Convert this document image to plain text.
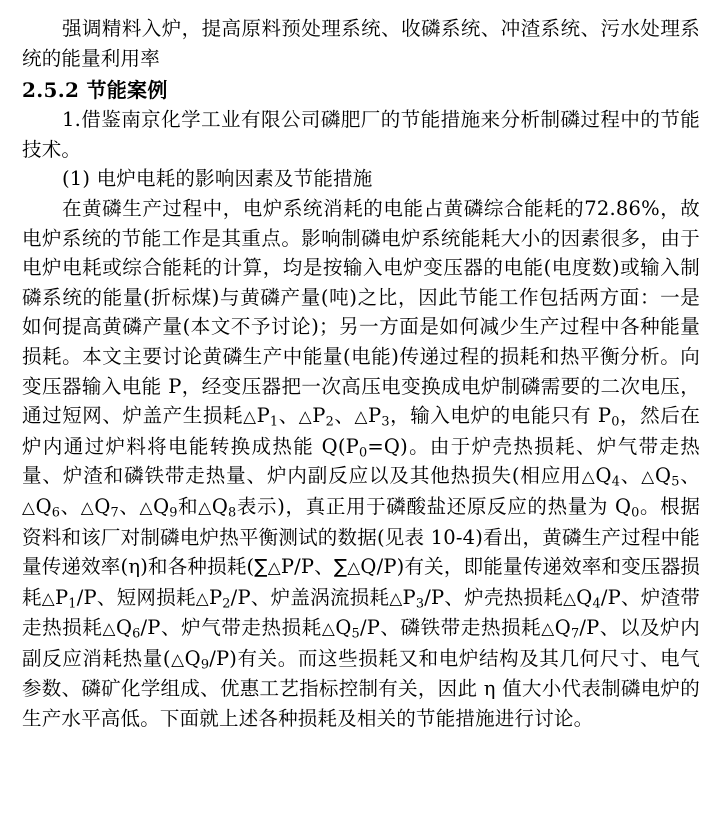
强调精料入炉，提高原料预处理系统、收磷系统、冲渣系统、污水处理系统的能量利用率

2.5.2 节能案例

1.借鉴南京化学工业有限公司磷肥厂的节能措施来分析制磷过程中的节能技术。

(1) 电炉电耗的影响因素及节能措施

在黄磷生产过程中，电炉系统消耗的电能占黄磷综合能耗的72.86%，故电炉系统的节能工作是其重点。影响制磷电炉系统能耗大小的因素很多，由于电炉电耗或综合能耗的计算，均是按输入电炉变压器的电能(电度数)或输入制磷系统的能量(折标煤)与黄磷产量(吨)之比，因此节能工作包括两方面：一是如何提高黄磷产量(本文不予讨论)；另一方面是如何减少生产过程中各种能量损耗。本文主要讨论黄磷生产中能量(电能)传递过程的损耗和热平衡分析。向变压器输入电能 P，经变压器把一次高压电变换成电炉制磷需要的二次电压，通过短网、炉盖产生损耗$\triangle P_1$、$\triangle P_2$、$\triangle P_3$，输入电炉的电能只有 $P_0$，然后在炉内通过炉料将电能转换成热能 $Q(P_0=Q)$。由于炉壳热损耗、炉气带走热量、炉渣和磷铁带走热量、炉内副反应以及其他热损失(相应用$\triangle Q_4$、$\triangle Q_5$、$\triangle Q_6$、$\triangle Q_7$、$\triangle Q_9$和$\triangle Q_8$表示)，真正用于磷酸盐还原反应的热量为 $Q_0$。根据资料和该厂对制磷电炉热平衡测试的数据(见表 10-4)看出，黄磷生产过程中能量传递效率(η)和各种损耗(∑△P/P、∑△Q/P)有关，即能量传递效率和变压器损耗$\triangle P_1/P$、短网损耗$\triangle P_2/P$、炉盖涡流损耗$\triangle P_3/P$、炉壳热损耗$\triangle Q_4/P$、炉渣带走热损耗$\triangle Q_6/P$、炉气带走热损耗$\triangle Q_5/P$、磷铁带走热损耗$\triangle Q_7/P$、以及炉内副反应消耗热量$(\triangle Q_9/P)$有关。而这些损耗又和电炉结构及其几何尺寸、电气参数、磷矿化学组成、优惠工艺指标控制有关，因此 η 值大小代表制磷电炉的生产水平高低。下面就上述各种损耗及相关的节能措施进行讨论。
